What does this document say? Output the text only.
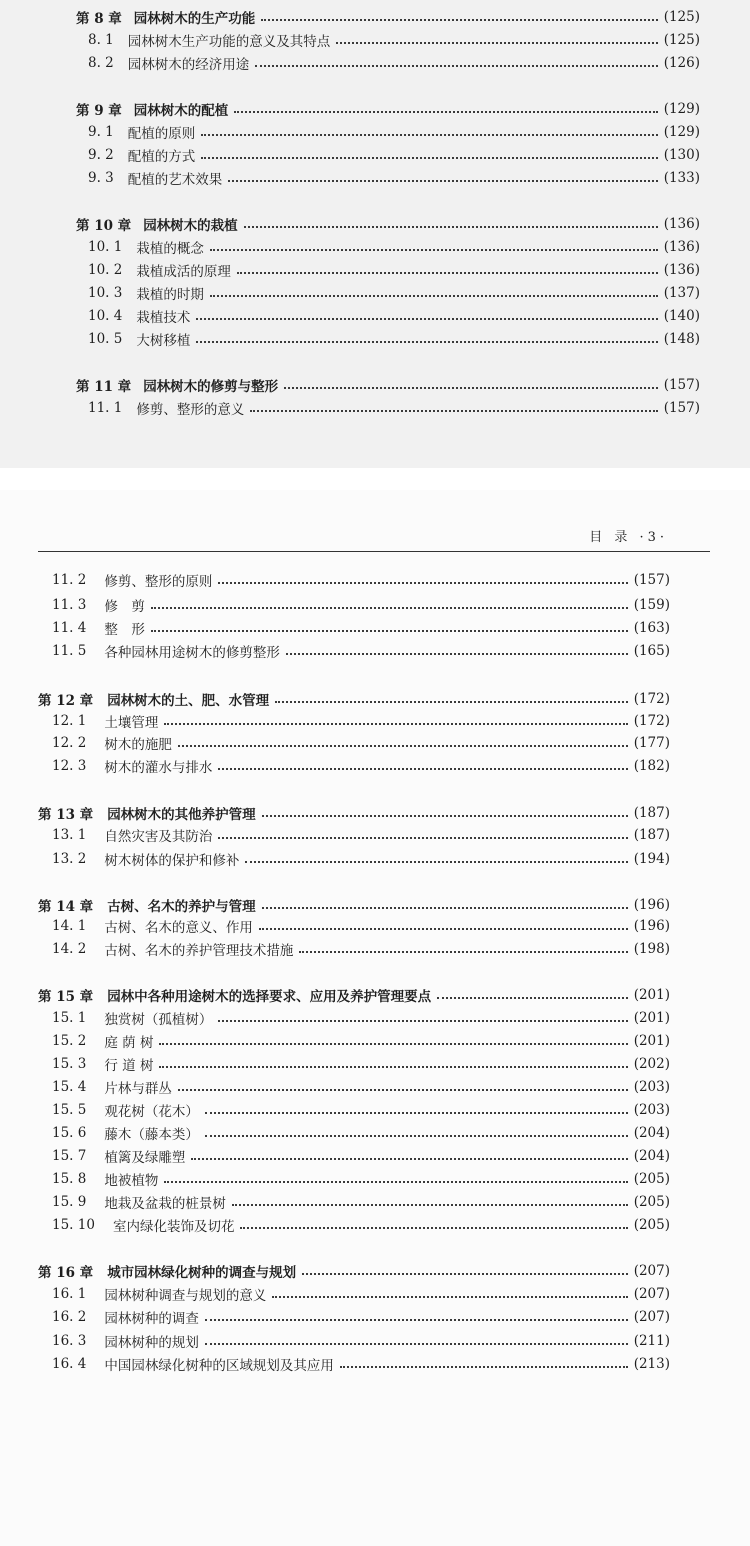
第 8 章 园林树木的生产功能	(125)
8. 1 园林树木生产功能的意义及其特点	(125)
8. 2 园林树木的经济用途	(126)
第 9 章 园林树木的配植	(129)
9. 1 配植的原则	(129)
9. 2 配植的方式	(130)
9. 3 配植的艺术效果	(133)
第 10 章 园林树木的栽植	(136)
10. 1 栽植的概念	(136)
10. 2 栽植成活的原理	(136)
10. 3 栽植的时期	(137)
10. 4 栽植技术	(140)
10. 5 大树移植	(148)
第 11 章 园林树木的修剪与整形	(157)
11. 1 修剪、整形的意义	(157)
目 录 ·3·
11. 2 修剪、整形的原则	(157)
11. 3 修　剪	(159)
11. 4 整　形	(163)
11. 5 各种园林用途树木的修剪整形	(165)
第 12 章 园林树木的土、肥、水管理	(172)
12. 1 土壤管理	(172)
12. 2 树木的施肥	(177)
12. 3 树木的灌水与排水	(182)
第 13 章 园林树木的其他养护管理	(187)
13. 1 自然灾害及其防治	(187)
13. 2 树木树体的保护和修补	(194)
第 14 章 古树、名木的养护与管理	(196)
14. 1 古树、名木的意义、作用	(196)
14. 2 古树、名木的养护管理技术措施	(198)
第 15 章 园林中各种用途树木的选择要求、应用及养护管理要点	(201)
15. 1 独赏树（孤植树）	(201)
15. 2 庭 荫 树	(201)
15. 3 行 道 树	(202)
15. 4 片林与群丛	(203)
15. 5 观花树（花木）	(203)
15. 6 藤木（藤本类）	(204)
15. 7 植篱及绿雕塑	(204)
15. 8 地被植物	(205)
15. 9 地栽及盆栽的桩景树	(205)
15. 10 室内绿化装饰及切花	(205)
第 16 章 城市园林绿化树种的调查与规划	(207)
16. 1 园林树种调查与规划的意义	(207)
16. 2 园林树种的调查	(207)
16. 3 园林树种的规划	(211)
16. 4 中国园林绿化树种的区域规划及其应用	(213)
